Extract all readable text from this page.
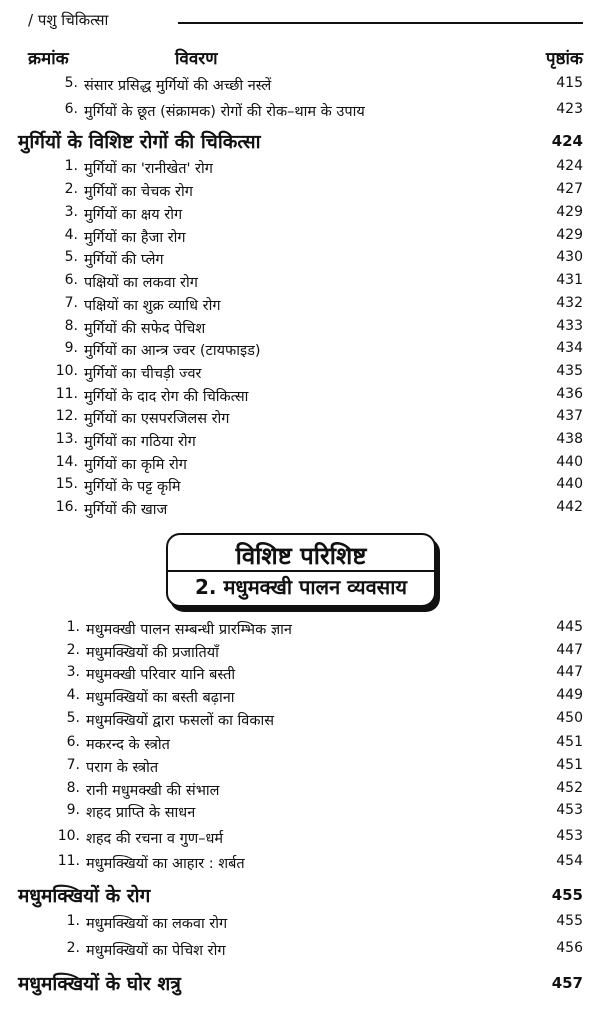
/ पशु चिकित्सा
क्रमांक	विवरण	पृष्ठांक
5. संसार प्रसिद्ध मुर्गियों की अच्छी नस्लें	415
6. मुर्गियों के छूत (संक्रामक) रोगों की रोक–थाम के उपाय	423
मुर्गियों के विशिष्ट रोगों की चिकित्सा	424
1. मुर्गियों का 'रानीखेत' रोग	424
2. मुर्गियों का चेचक रोग	427
3. मुर्गियों का क्षय रोग	429
4. मुर्गियों का हैजा रोग	429
5. मुर्गियों की प्लेग	430
6. पक्षियों का लकवा रोग	431
7. पक्षियों का शुक्र व्याधि रोग	432
8. मुर्गियों की सफेद पेचिश	433
9. मुर्गियों का आन्त्र ज्वर (टायफाइड)	434
10. मुर्गियों का चीचड़ी ज्वर	435
11. मुर्गियों के दाद रोग की चिकित्सा	436
12. मुर्गियों का एसपरजिलस रोग	437
13. मुर्गियों का गठिया रोग	438
14. मुर्गियों का कृमि रोग	440
15. मुर्गियों के पट्ट कृमि	440
16. मुर्गियों की खाज	442
विशिष्ट परिशिष्ट
2. मधुमक्खी पालन व्यवसाय
1. मधुमक्खी पालन सम्बन्धी प्रारम्भिक ज्ञान	445
2. मधुमक्खियों की प्रजातियाँ	447
3. मधुमक्खी परिवार यानि बस्ती	447
4. मधुमक्खियों का बस्ती बढ़ाना	449
5. मधुमक्खियों द्वारा फसलों का विकास	450
6. मकरन्द के स्त्रोत	451
7. पराग के स्त्रोत	451
8. रानी मधुमक्खी की संभाल	452
9. शहद प्राप्ति के साधन	453
10. शहद की रचना व गुण–धर्म	453
11. मधुमक्खियों का आहार : शर्बत	454
मधुमक्खियों के रोग	455
1. मधुमक्खियों का लकवा रोग	455
2. मधुमक्खियों का पेचिश रोग	456
मधुमक्खियों के घोर शत्रु	457
